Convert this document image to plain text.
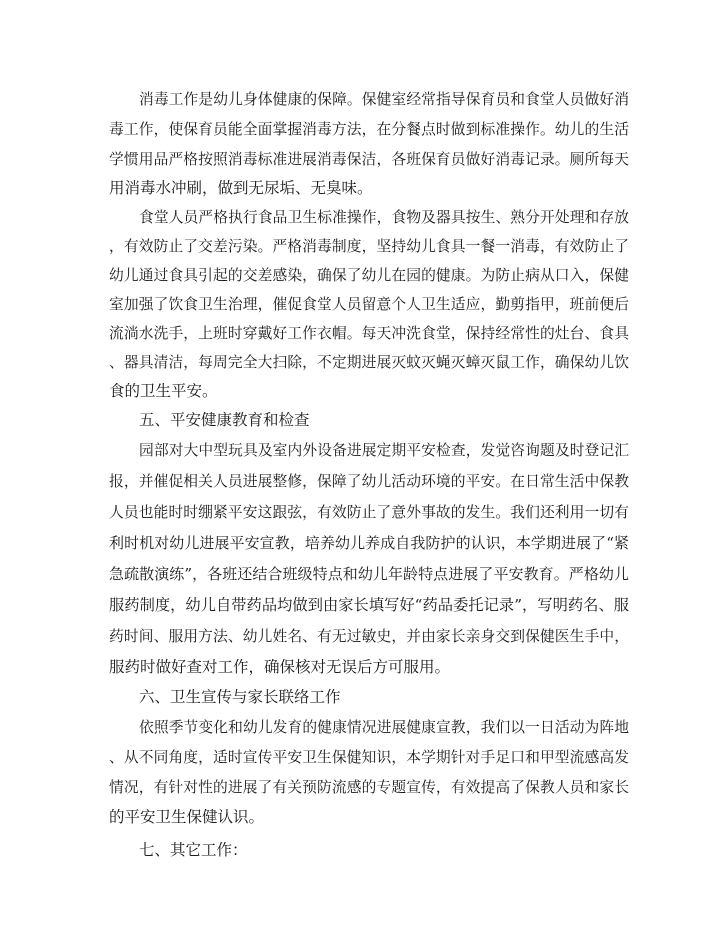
消毒工作是幼儿身体健康的保障。保健室经常指导保育员和食堂人员做好消
毒工作，使保育员能全面掌握消毒方法，在分餐点时做到标准操作。幼儿的生活
学惯用品严格按照消毒标准进展消毒保洁，各班保育员做好消毒记录。厕所每天
用消毒水冲刷，做到无尿垢、无臭味。
食堂人员严格执行食品卫生标准操作，食物及器具按生、熟分开处理和存放
，有效防止了交差污染。严格消毒制度，坚持幼儿食具一餐一消毒，有效防止了
幼儿通过食具引起的交差感染，确保了幼儿在园的健康。为防止病从口入，保健
室加强了饮食卫生治理，催促食堂人员留意个人卫生适应，勤剪指甲，班前便后
流淌水洗手，上班时穿戴好工作衣帽。每天冲洗食堂，保持经常性的灶台、食具
、器具清洁，每周完全大扫除，不定期进展灭蚊灭蝇灭蟑灭鼠工作，确保幼儿饮
食的卫生平安。
五、平安健康教育和检查
园部对大中型玩具及室内外设备进展定期平安检查，发觉咨询题及时登记汇
报，并催促相关人员进展整修，保障了幼儿活动环境的平安。在日常生活中保教
人员也能时时绷紧平安这跟弦，有效防止了意外事故的发生。我们还利用一切有
利时机对幼儿进展平安宣教，培养幼儿养成自我防护的认识，本学期进展了“紧
急疏散演练”，各班还结合班级特点和幼儿年龄特点进展了平安教育。严格幼儿
服药制度，幼儿自带药品均做到由家长填写好“药品委托记录”，写明药名、服
药时间、服用方法、幼儿姓名、有无过敏史，并由家长亲身交到保健医生手中，
服药时做好查对工作，确保核对无误后方可服用。
六、卫生宣传与家长联络工作
依照季节变化和幼儿发育的健康情况进展健康宣教，我们以一日活动为阵地
、从不同角度，适时宣传平安卫生保健知识，本学期针对手足口和甲型流感高发
情况，有针对性的进展了有关预防流感的专题宣传，有效提高了保教人员和家长
的平安卫生保健认识。
七、其它工作：
